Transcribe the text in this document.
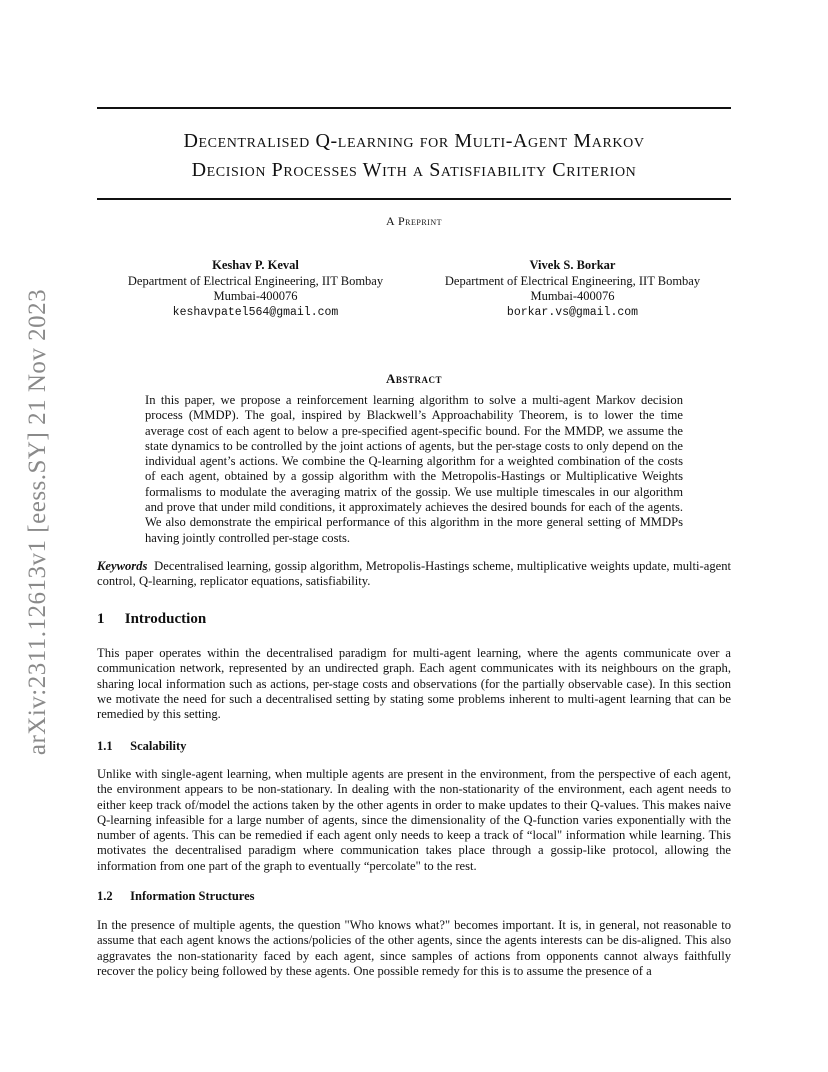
arXiv:2311.12613v1 [eess.SY] 21 Nov 2023
Decentralised Q-learning for Multi-Agent Markov
Decision Processes With a Satisfiability Criterion
A Preprint
Keshav P. Keval
Department of Electrical Engineering, IIT Bombay
Mumbai-400076
keshavpatel564@gmail.com
Vivek S. Borkar
Department of Electrical Engineering, IIT Bombay
Mumbai-400076
borkar.vs@gmail.com
Abstract

In this paper, we propose a reinforcement learning algorithm to solve a multi-agent Markov decision process (MMDP). The goal, inspired by Blackwell’s Approachability Theorem, is to lower the time average cost of each agent to below a pre-specified agent-specific bound. For the MMDP, we assume the state dynamics to be controlled by the joint actions of agents, but the per-stage costs to only depend on the individual agent’s actions. We combine the Q-learning algorithm for a weighted combination of the costs of each agent, obtained by a gossip algorithm with the Metropolis-Hastings or Multiplicative Weights formalisms to modulate the averaging matrix of the gossip. We use multiple timescales in our algorithm and prove that under mild conditions, it approximately achieves the desired bounds for each of the agents. We also demonstrate the empirical performance of this algorithm in the more general setting of MMDPs having jointly controlled per-stage costs.

Keywords Decentralised learning, gossip algorithm, Metropolis-Hastings scheme, multiplicative weights update, multi-agent control, Q-learning, replicator equations, satisfiability.
1 Introduction

This paper operates within the decentralised paradigm for multi-agent learning, where the agents communicate over a communication network, represented by an undirected graph. Each agent communicates with its neighbours on the graph, sharing local information such as actions, per-stage costs and observations (for the partially observable case). In this section we motivate the need for such a decentralised setting by stating some problems inherent to multi-agent learning that can be remedied by this setting.

1.1 Scalability

Unlike with single-agent learning, when multiple agents are present in the environment, from the perspective of each agent, the environment appears to be non-stationary. In dealing with the non-stationarity of the environment, each agent needs to either keep track of/model the actions taken by the other agents in order to make updates to their Q-values. This makes naive Q-learning infeasible for a large number of agents, since the dimensionality of the Q-function varies exponentially with the number of agents. This can be remedied if each agent only needs to keep a track of “local" information while learning. This motivates the decentralised paradigm where communication takes place through a gossip-like protocol, allowing the information from one part of the graph to eventually “percolate" to the rest.

1.2 Information Structures

In the presence of multiple agents, the question "Who knows what?" becomes important. It is, in general, not reasonable to assume that each agent knows the actions/policies of the other agents, since the agents interests can be dis-aligned. This also aggravates the non-stationarity faced by each agent, since samples of actions from opponents cannot always faithfully recover the policy being followed by these agents. One possible remedy for this is to assume the presence of a
